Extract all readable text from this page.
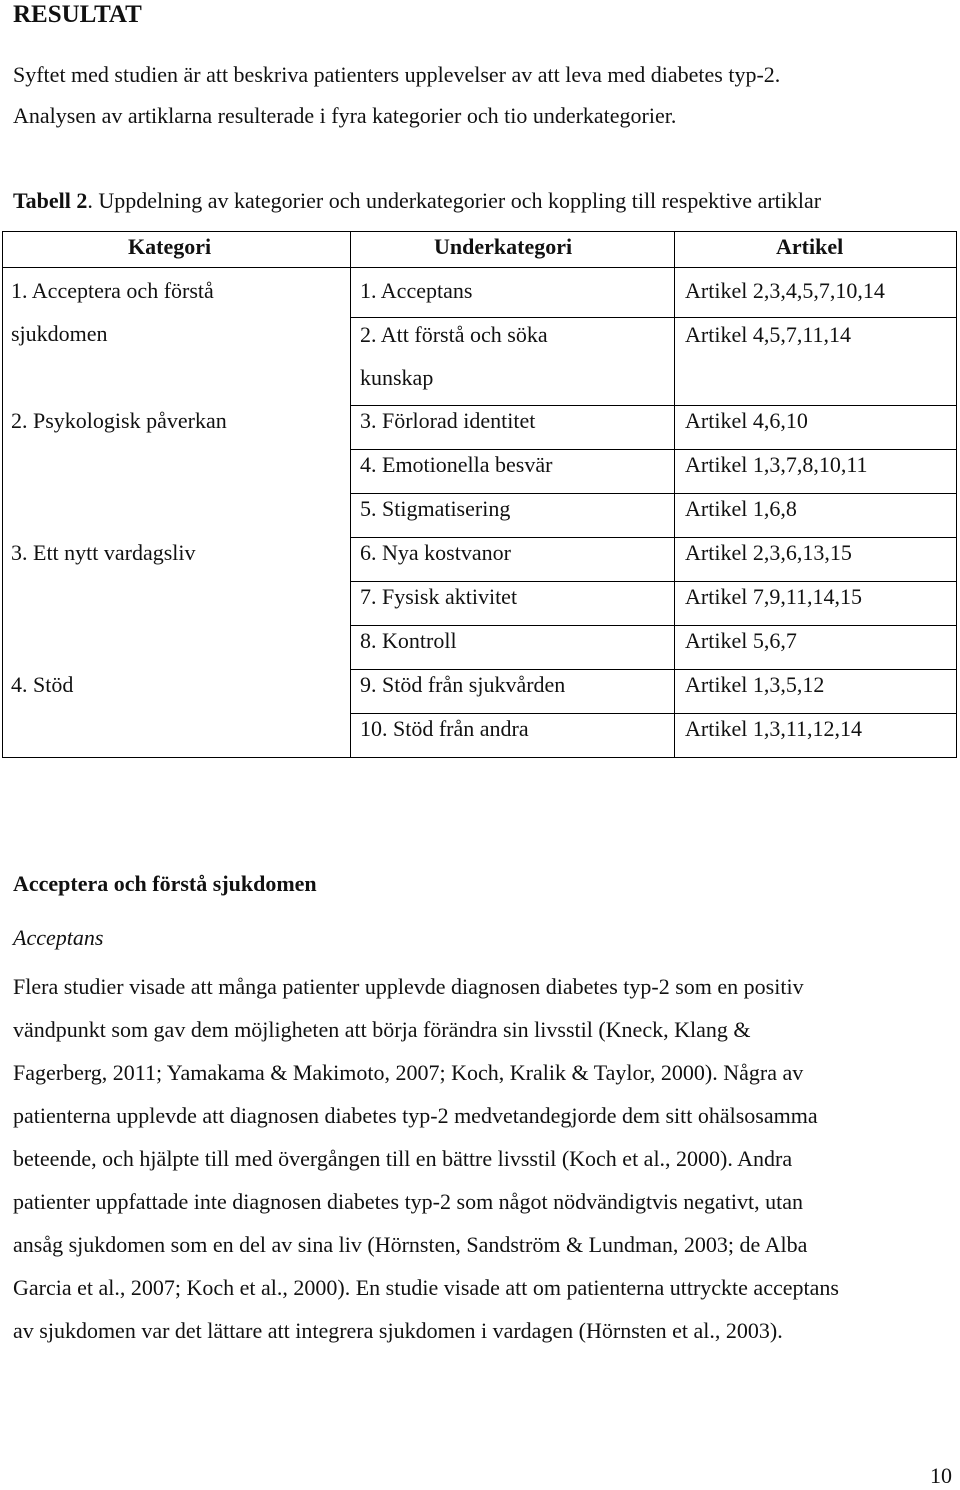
RESULTAT
Syftet med studien är att beskriva patienters upplevelser av att leva med diabetes typ-2.
Analysen av artiklarna resulterade i fyra kategorier och tio underkategorier.
Tabell 2. Uppdelning av kategorier och underkategorier och koppling till respektive artiklar
Kategori	Underkategori	Artikel
1. Acceptera och förstå
sjukdomen
2. Psykologisk påverkan
3. Ett nytt vardagsliv
4. Stöd
1. Acceptans
2. Att förstå och söka
kunskap
3. Förlorad identitet
4. Emotionella besvär
5. Stigmatisering
6. Nya kostvanor
7. Fysisk aktivitet
8. Kontroll
9. Stöd från sjukvården
10. Stöd från andra
Artikel 2,3,4,5,7,10,14
Artikel 4,5,7,11,14
Artikel 4,6,10
Artikel 1,3,7,8,10,11
Artikel 1,6,8
Artikel 2,3,6,13,15
Artikel 7,9,11,14,15
Artikel 5,6,7
Artikel 1,3,5,12
Artikel 1,3,11,12,14
Acceptera och förstå sjukdomen
Acceptans
Flera studier visade att många patienter upplevde diagnosen diabetes typ-2 som en positiv
vändpunkt som gav dem möjligheten att börja förändra sin livsstil (Kneck, Klang &
Fagerberg, 2011; Yamakama & Makimoto, 2007; Koch, Kralik & Taylor, 2000). Några av
patienterna upplevde att diagnosen diabetes typ-2 medvetandegjorde dem sitt ohälsosamma
beteende, och hjälpte till med övergången till en bättre livsstil (Koch et al., 2000). Andra
patienter uppfattade inte diagnosen diabetes typ-2 som något nödvändigtvis negativt, utan
ansåg sjukdomen som en del av sina liv (Hörnsten, Sandström & Lundman, 2003; de Alba
Garcia et al., 2007; Koch et al., 2000). En studie visade att om patienterna uttryckte acceptans
av sjukdomen var det lättare att integrera sjukdomen i vardagen (Hörnsten et al., 2003).
10
